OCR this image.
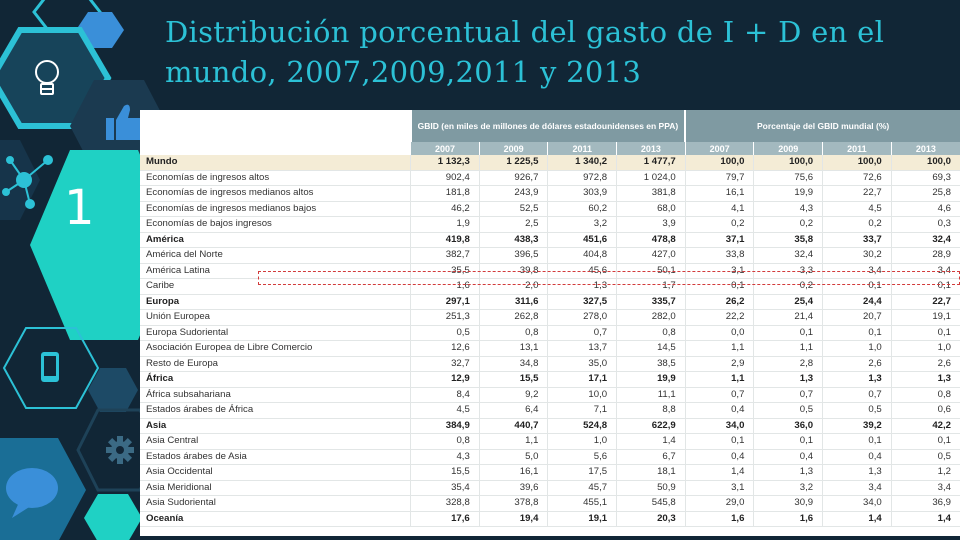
1
Distribución porcentual del gasto de I + D en el mundo, 2007,2009,2011 y 2013
	GBID (en miles de millones de dólares estadounidenses en PPA)				Porcentaje del GBID mundial (%)			
	2007	2009	2011	2013	2007	2009	2011	2013
Mundo	1 132,3	1 225,5	1 340,2	1 477,7	100,0	100,0	100,0	100,0
Economías de ingresos altos	902,4	926,7	972,8	1 024,0	79,7	75,6	72,6	69,3
Economías de ingresos medianos altos	181,8	243,9	303,9	381,8	16,1	19,9	22,7	25,8
Economías de ingresos medianos bajos	46,2	52,5	60,2	68,0	4,1	4,3	4,5	4,6
Economías de bajos ingresos	1,9	2,5	3,2	3,9	0,2	0,2	0,2	0,3
América	419,8	438,3	451,6	478,8	37,1	35,8	33,7	32,4
América del Norte	382,7	396,5	404,8	427,0	33,8	32,4	30,2	28,9
América Latina	35,5	39,8	45,6	50,1	3,1	3,3	3,4	3,4
Caribe	1,6	2,0	1,3	1,7	0,1	0,2	0,1	0,1
Europa	297,1	311,6	327,5	335,7	26,2	25,4	24,4	22,7
Unión Europea	251,3	262,8	278,0	282,0	22,2	21,4	20,7	19,1
Europa Sudoriental	0,5	0,8	0,7	0,8	0,0	0,1	0,1	0,1
Asociación Europea de Libre Comercio	12,6	13,1	13,7	14,5	1,1	1,1	1,0	1,0
Resto de Europa	32,7	34,8	35,0	38,5	2,9	2,8	2,6	2,6
África	12,9	15,5	17,1	19,9	1,1	1,3	1,3	1,3
África subsahariana	8,4	9,2	10,0	11,1	0,7	0,7	0,7	0,8
Estados árabes de África	4,5	6,4	7,1	8,8	0,4	0,5	0,5	0,6
Asia	384,9	440,7	524,8	622,9	34,0	36,0	39,2	42,2
Asia Central	0,8	1,1	1,0	1,4	0,1	0,1	0,1	0,1
Estados árabes de Asia	4,3	5,0	5,6	6,7	0,4	0,4	0,4	0,5
Asia Occidental	15,5	16,1	17,5	18,1	1,4	1,3	1,3	1,2
Asia Meridional	35,4	39,6	45,7	50,9	3,1	3,2	3,4	3,4
Asia Sudoriental	328,8	378,8	455,1	545,8	29,0	30,9	34,0	36,9
Oceanía	17,6	19,4	19,1	20,3	1,6	1,6	1,4	1,4
